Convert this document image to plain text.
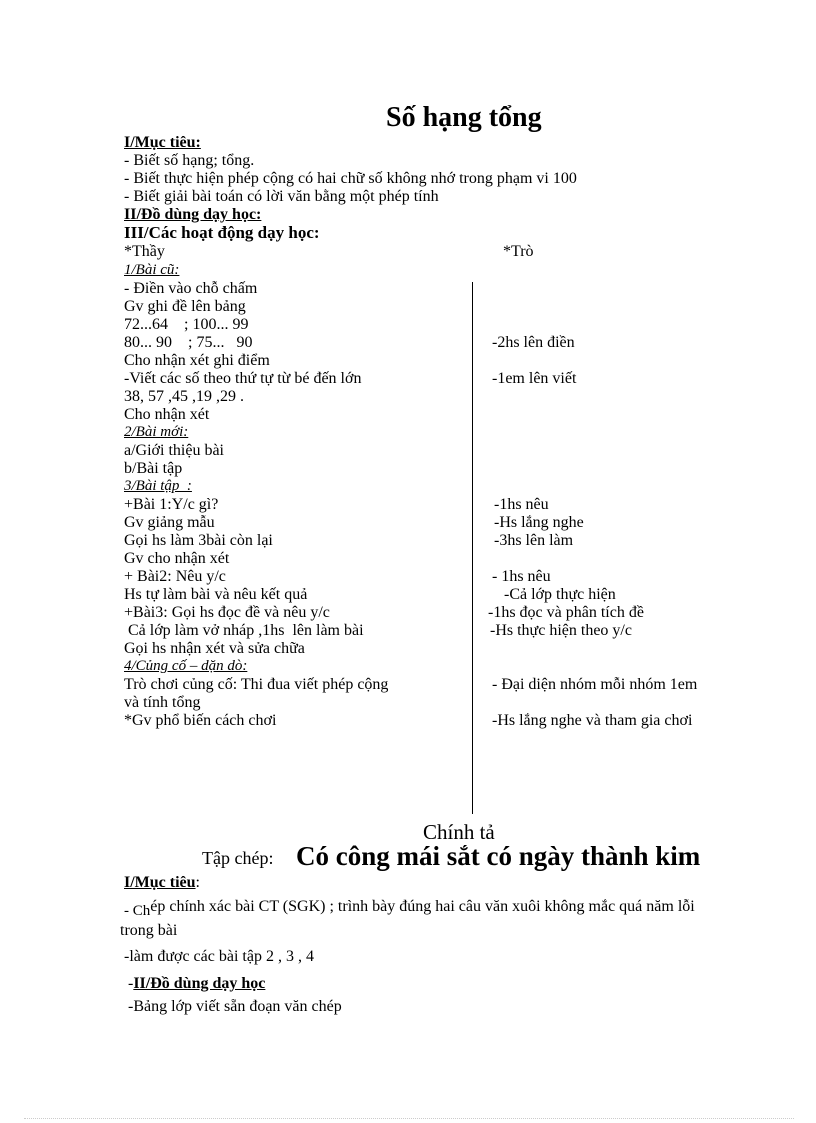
Số hạng tổng
I/Mục tiêu:
- Biết số hạng; tổng.
- Biết thực hiện phép cộng có hai chữ số không nhớ trong phạm vi 100
- Biết giải bài toán có lời văn bằng một phép tính
II/Đồ dùng dạy học:
III/Các hoạt động dạy học:
*Thầy	*Trò
1/Bài cũ:
- Điền vào chỗ chấm
Gv ghi đề lên bảng
72...64    ; 100... 99
80... 90    ; 75...   90
Cho nhận xét ghi điểm
-Viết các số theo thứ tự từ bé đến lớn
38, 57 ,45 ,19 ,29 .
Cho nhận xét
2/Bài mới:
a/Giới thiệu bài
b/Bài tập
3/Bài tập  :
+Bài 1:Y/c gì?
Gv giảng mẫu
Gọi hs làm 3bài còn lại
Gv cho nhận xét
+ Bài2: Nêu y/c
Hs tự làm bài và nêu kết quả
+Bài3: Gọi hs đọc đề và nêu y/c
Cả lớp làm vở nháp ,1hs  lên làm bài
Gọi hs nhận xét và sửa chữa
4/Củng cố – dặn dò:
Trò chơi củng cố: Thi đua viết phép cộng
và tính tổng
*Gv phổ biến cách chơi
-2hs lên điền
-1em lên viết
-1hs nêu
-Hs lắng nghe
-3hs lên làm
- 1hs nêu
-Cả lớp thực hiện
-1hs đọc và phân tích đề
-Hs thực hiện theo y/c
- Đại diện nhóm mỗi nhóm 1em
-Hs lắng nghe và tham gia chơi
Chính tả
Tập chép: Có công mái sắt có ngày thành kim
I/Mục tiêu:
- Chép chính xác bài CT (SGK) ; trình bày đúng hai câu văn xuôi không mắc quá năm lỗi
trong bài
-làm được các bài tập 2 , 3 , 4
-II/Đồ dùng dạy học
-Bảng lớp viết sẵn đoạn văn chép
